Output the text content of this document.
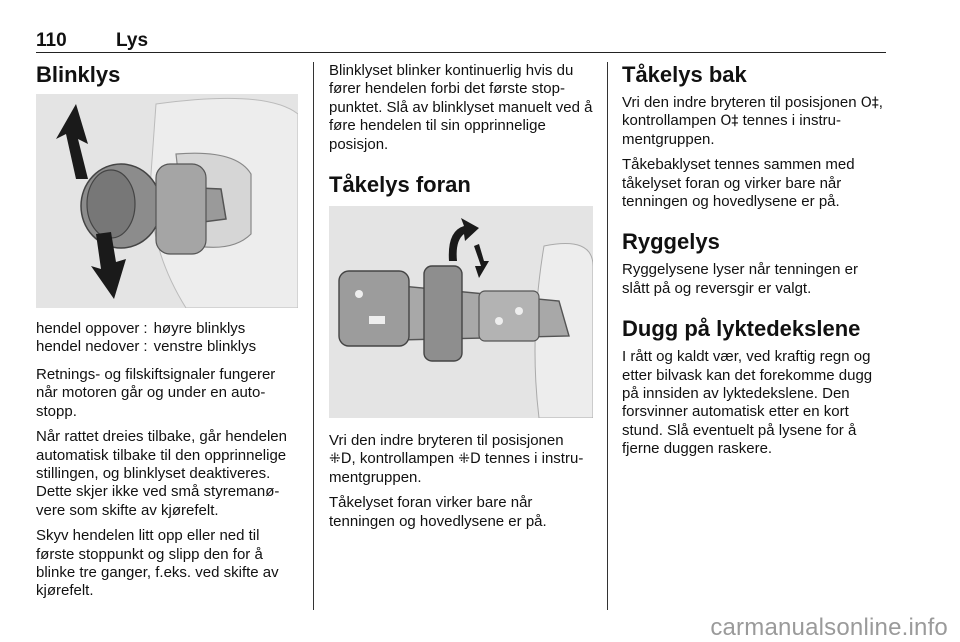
110	Lys
Blinklys
hendel oppover	:	høyre blinklys
hendel nedover	:	venstre blinklys

Retnings- og filskiftsignaler fungerer når motoren går og under en auto-stopp.

Når rattet dreies tilbake, går hendelen automatisk tilbake til den opprinnelige stillingen, og blinklyset deaktiveres. Dette skjer ikke ved små styremanø-vere som skifte av kjørefelt.

Skyv hendelen litt opp eller ned til første stoppunkt og slipp den for å blinke tre ganger, f.eks. ved skifte av kjørefelt.

Blinklyset blinker kontinuerlig hvis du fører hendelen forbi det første stop-punktet. Slå av blinklyset manuelt ved å føre hendelen til sin opprinnelige posisjon.

Tåkelys foran

Vri den indre bryteren til posisjonen ⁜D, kontrollampen ⁜D tennes i instru-mentgruppen.

Tåkelyset foran virker bare når tenningen og hovedlysene er på.

Tåkelys bak

Vri den indre bryteren til posisjonen O‡, kontrollampen O‡ tennes i instru-mentgruppen.

Tåkebaklyset tennes sammen med tåkelyset foran og virker bare når tenningen og hovedlysene er på.

Ryggelys

Ryggelysene lyser når tenningen er slått på og reversgir er valgt.

Dugg på lyktedekslene

I rått og kaldt vær, ved kraftig regn og etter bilvask kan det forekomme dugg på innsiden av lyktedekslene. Den forsvinner automatisk etter en kort stund. Slå eventuelt på lysene for å fjerne duggen raskere.

carmanualsonline.info
